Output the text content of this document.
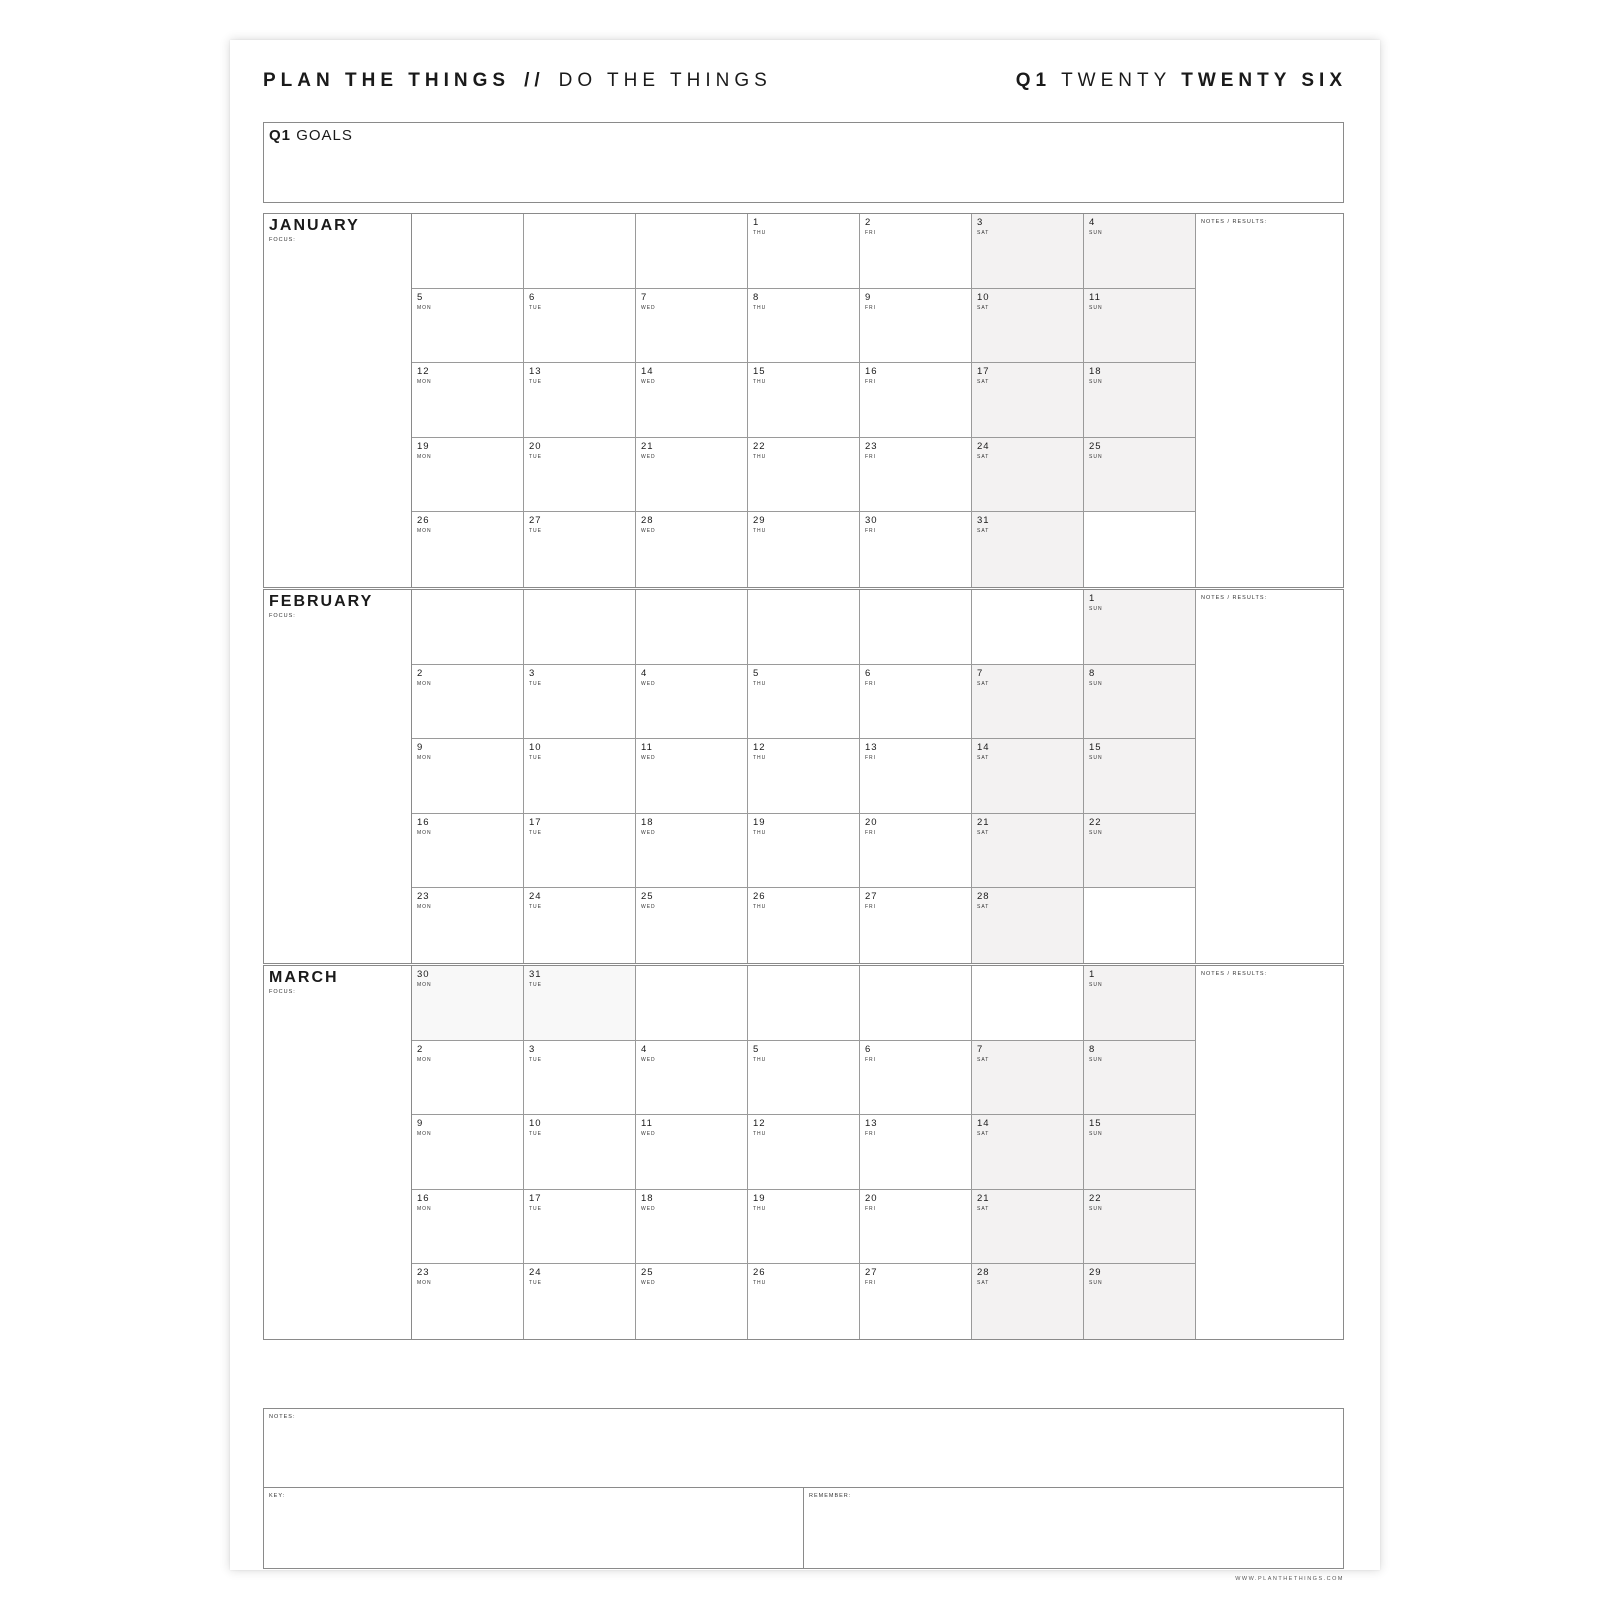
PLAN THE THINGS // DO THE THINGS	Q1 TWENTY TWENTY SIX
Q1 GOALS
JANUARY
FOCUS:
1
THU
2
FRI
3
SAT
4
SUN
5
MON
6
TUE
7
WED
8
THU
9
FRI
10
SAT
11
SUN
12
MON
13
TUE
14
WED
15
THU
16
FRI
17
SAT
18
SUN
19
MON
20
TUE
21
WED
22
THU
23
FRI
24
SAT
25
SUN
26
MON
27
TUE
28
WED
29
THU
30
FRI
31
SAT
NOTES / RESULTS:
FEBRUARY
FOCUS:
1
SUN
2
MON
3
TUE
4
WED
5
THU
6
FRI
7
SAT
8
SUN
9
MON
10
TUE
11
WED
12
THU
13
FRI
14
SAT
15
SUN
16
MON
17
TUE
18
WED
19
THU
20
FRI
21
SAT
22
SUN
23
MON
24
TUE
25
WED
26
THU
27
FRI
28
SAT
NOTES / RESULTS:
MARCH
FOCUS:
30
MON
31
TUE
1
SUN
2
MON
3
TUE
4
WED
5
THU
6
FRI
7
SAT
8
SUN
9
MON
10
TUE
11
WED
12
THU
13
FRI
14
SAT
15
SUN
16
MON
17
TUE
18
WED
19
THU
20
FRI
21
SAT
22
SUN
23
MON
24
TUE
25
WED
26
THU
27
FRI
28
SAT
29
SUN
NOTES / RESULTS:
NOTES:
KEY:	REMEMBER:
WWW.PLANTHETHINGS.COM
